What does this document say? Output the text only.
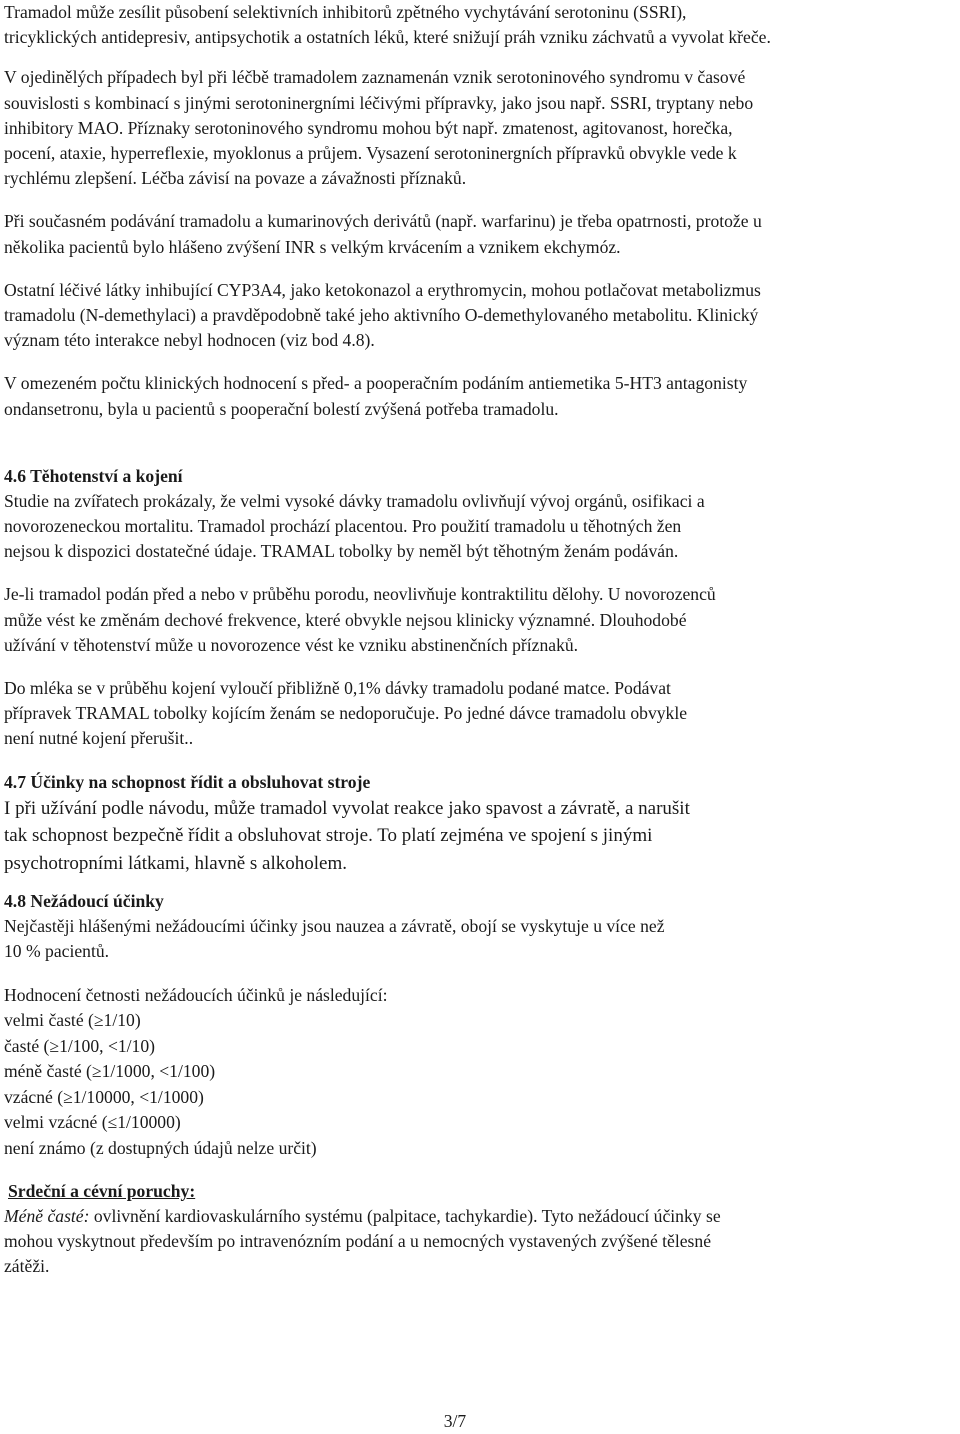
Tramadol může zesílit působení selektivních inhibitorů zpětného vychytávání serotoninu (SSRI),
tricyklických antidepresiv, antipsychotik a ostatních léků, které snižují práh vzniku záchvatů a vyvolat křeče.
V ojedinělých případech byl při léčbě tramadolem zaznamenán vznik serotoninového syndromu v časové
souvislosti s kombinací s jinými serotoninergními léčivými přípravky, jako jsou např. SSRI, tryptany nebo
inhibitory MAO. Příznaky serotoninového syndromu mohou být např. zmatenost, agitovanost, horečka,
pocení, ataxie, hyperreflexie, myoklonus a průjem. Vysazení serotoninergních přípravků obvykle vede k
rychlému zlepšení. Léčba závisí na povaze a závažnosti příznaků.
Při současném podávání tramadolu a kumarinových derivátů (např. warfarinu) je třeba opatrnosti, protože u
několika pacientů bylo hlášeno zvýšení INR s velkým krvácením a vznikem ekchymóz.
Ostatní léčivé látky inhibující CYP3A4, jako ketokonazol a erythromycin, mohou potlačovat metabolizmus
tramadolu (N-demethylaci) a pravděpodobně také jeho aktivního O-demethylovaného metabolitu. Klinický
význam této interakce nebyl hodnocen (viz bod 4.8).
V omezeném počtu klinických hodnocení s před- a pooperačním podáním antiemetika 5-HT3 antagonisty
ondansetronu, byla u pacientů s pooperační bolestí zvýšená potřeba tramadolu.
4.6 Těhotenství a kojení
Studie na zvířatech prokázaly, že velmi vysoké dávky tramadolu ovlivňují vývoj orgánů, osifikaci a
novorozeneckou mortalitu. Tramadol prochází placentou. Pro použití tramadolu u těhotných žen
nejsou k dispozici dostatečné údaje. TRAMAL tobolky by neměl být těhotným ženám podáván.
Je-li tramadol podán před a nebo v průběhu porodu, neovlivňuje kontraktilitu dělohy. U novorozenců
může vést ke změnám dechové frekvence, které obvykle nejsou klinicky významné. Dlouhodobé
užívání v těhotenství může u novorozence vést ke vzniku abstinenčních příznaků.
Do mléka se v průběhu kojení vyloučí přibližně 0,1% dávky tramadolu podané matce. Podávat
přípravek TRAMAL tobolky kojícím ženám se nedoporučuje. Po jedné dávce tramadolu obvykle
není nutné kojení přerušit..
4.7 Účinky na schopnost řídit a obsluhovat stroje
I při užívání podle návodu, může tramadol vyvolat reakce jako spavost a závratě, a narušit
tak schopnost bezpečně řídit a obsluhovat stroje. To platí zejména ve spojení s jinými
psychotropními látkami, hlavně s alkoholem.
4.8 Nežádoucí účinky
Nejčastěji hlášenými nežádoucími účinky jsou nauzea a závratě, obojí se vyskytuje u více než
10 % pacientů.
Hodnocení četnosti nežádoucích účinků je následující:
velmi časté (≥1/10)
časté (≥1/100, <1/10)
méně časté (≥1/1000, <1/100)
vzácné (≥1/10000, <1/1000)
velmi vzácné (≤1/10000)
není známo (z dostupných údajů nelze určit)
Srdeční a cévní poruchy:
Méně časté: ovlivnění kardiovaskulárního systému (palpitace, tachykardie). Tyto nežádoucí účinky se
mohou vyskytnout především po intravenózním podání a u nemocných vystavených zvýšené tělesné
zátěži.
3/7
